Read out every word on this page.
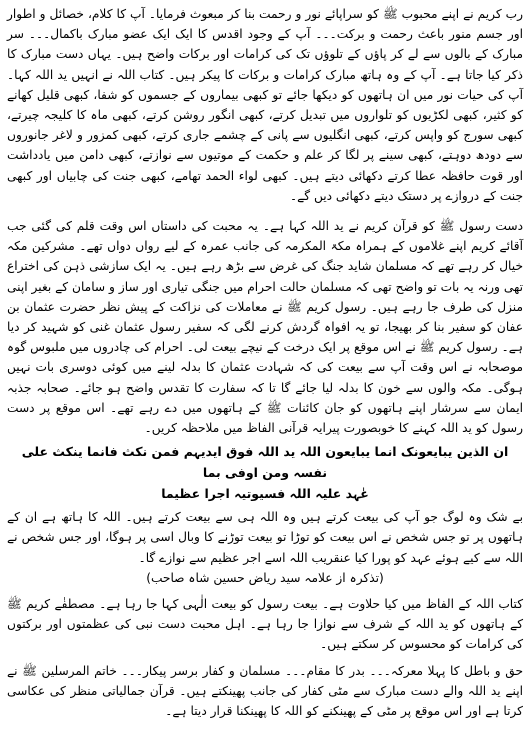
رب کریم نے اپنے محبوب ﷺ کو سراپائے نور و رحمت بنا کر مبعوث فرمایا۔ آپ کا کلام، خصائل و اطوار اور جسم منور باعث رحمت و برکت۔۔۔ آپ کے وجود اقدس کا ایک ایک عضو مبارک باکمال۔۔۔ سر مبارک کے بالوں سے لے کر پاؤں کے تلوؤں تک کی کرامات اور برکات واضح ہیں۔ یہاں دست مبارک کا ذکر کیا جاتا ہے۔ آپ کے وہ ہاتھ مبارک کرامات و برکات کا پیکر ہیں۔ کتاب اللہ نے انہیں ید اللہ کہا۔ آپ کی حیات نور میں ان ہاتھوں کو دیکھا جائے تو کبھی بیماروں کے جسموں کو شفا، کبھی قلیل کھانے کو کثیر، کبھی لکڑیوں کو تلواروں میں تبدیل کرتے، کبھی انگور روشن کرتے، کبھی ماہ کا کلیجہ چیرتے، کبھی سورج کو واپس کرتے، کبھی انگلیوں سے پانی کے چشمے جاری کرتے، کبھی کمزور و لاغر جانوروں سے دودھ دوہتے، کبھی سینے پر لگا کر علم و حکمت کے موتیوں سے نوازتے، کبھی دامن میں یادداشت اور قوت حافظہ عطا کرتے دکھائی دیتے ہیں۔ کبھی لواء الحمد تھامے، کبھی جنت کی چابیاں اور کبھی جنت کے دروازے پر دستک دیتے دکھائی دیں گے۔

دست رسول ﷺ کو قرآن کریم نے ید اللہ کہا ہے۔ یہ محبت کی داستاں اس وقت قلم کی گئی جب آقائے کریم اپنے غلاموں کے ہمراہ مکۃ المکرمہ کی جانب عمرہ کے لیے رواں دواں تھے۔ مشرکین مکہ خیال کر رہے تھے کہ مسلمان شاید جنگ کی غرض سے بڑھ رہے ہیں۔ یہ ایک سازشی ذہن کی اختراع تھی ورنہ یہ بات تو واضح تھی کہ مسلمان حالت احرام میں جنگی تیاری اور ساز و سامان کے بغیر اپنی منزل کی طرف جا رہے ہیں۔ رسول کریم ﷺ نے معاملات کی نزاکت کے پیش نظر حضرت عثمان بن عفان کو سفیر بنا کر بھیجا، تو یہ افواہ گردش کرنے لگی کہ سفیر رسول عثمان غنی کو شہید کر دیا ہے۔ رسول کریم ﷺ نے اس موقع پر ایک درخت کے نیچے بیعت لی۔ احرام کی چادروں میں ملبوس گوہ موصحابہ نے اس وقت آپ سے بیعت کی کہ شہادت عثمان کا بدلہ لینے میں کوئی دوسری بات نہیں ہوگی۔ مکہ والوں سے خون کا بدلہ لیا جائے گا تا کہ سفارت کا تقدس واضح ہو جائے۔ صحابہ جذبہ ایمان سے سرشار اپنے ہاتھوں کو جان کائنات ﷺ کے ہاتھوں میں دے رہے تھے۔ اس موقع پر دست رسول کو ید اللہ کہنے کا خوبصورت پیرایہ قرآنی الفاظ میں ملاحظہ کریں۔

ان الذین یبایعونک انما یبایعون اللہ ید اللہ فوق ایدیہم فمن نکث فانما ینکث علی نفسہ ومن اوفی بما
عٰہد علیہ اللہ فسیوتیہ اجرا عظیما

بے شک وہ لوگ جو آپ کی بیعت کرتے ہیں وہ اللہ ہی سے بیعت کرتے ہیں۔ اللہ کا ہاتھ ہے ان کے ہاتھوں پر تو جس شخص نے اس بیعت کو توڑا تو بیعت توڑنے کا وبال اسی پر ہوگا، اور جس شخص نے اللہ سے کیے ہوئے عہد کو پورا کیا عنقریب اللہ اسے اجر عظیم سے نوازے گا۔

(تذکرہ از علامہ سید ریاض حسین شاہ صاحب)

کتاب اللہ کے الفاظ میں کیا حلاوت ہے۔ بیعت رسول کو بیعت الٰہی کہا جا رہا ہے۔ مصطفٰے کریم ﷺ کے ہاتھوں کو ید اللہ کے شرف سے نوازا جا رہا ہے۔ اہل محبت دست نبی کی عظمتوں اور برکتوں کی کرامات کو محسوس کر سکتے ہیں۔

حق و باطل کا پہلا معرکہ۔۔۔ بدر کا مقام۔۔۔ مسلمان و کفار برسر پیکار۔۔۔ خاتم المرسلین ﷺ نے اپنے ید اللہ والے دست مبارک سے مٹی کفار کی جانب پھینکتے ہیں۔ قرآن جمالیاتی منظر کی عکاسی کرتا ہے اور اس موقع پر مٹی کے پھینکنے کو اللہ کا پھینکنا قرار دیتا ہے۔
